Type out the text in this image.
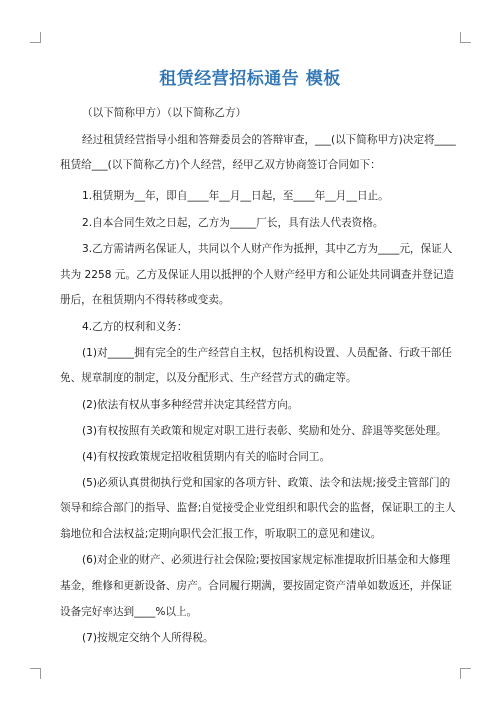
租赁经营招标通告 模板
（以下简称甲方）（以下简称乙方）
经过租赁经营指导小组和答辩委员会的答辩审查，___(以下简称甲方)决定将____
租赁给___(以下简称乙方)个人经营，经甲乙双方协商签订合同如下：
1.租赁期为__年，即自____年__月__日起，至____年__月__日止。
2.自本合同生效之日起，乙方为_____厂长，具有法人代表资格。
3.乙方需请两名保证人，共同以个人财产作为抵押，其中乙方为____元，保证人
共为 2258 元。乙方及保证人用以抵押的个人财产经甲方和公证处共同调查并登记造
册后，在租赁期内不得转移或变卖。
4.乙方的权利和义务：
(1)对_____拥有完全的生产经营自主权，包括机构设置、人员配备、行政干部任
免、规章制度的制定，以及分配形式、生产经营方式的确定等。
(2)依法有权从事多种经营并决定其经营方向。
(3)有权按照有关政策和规定对职工进行表彰、奖励和处分、辞退等奖惩处理。
(4)有权按政策规定招收租赁期内有关的临时合同工。
(5)必须认真贯彻执行党和国家的各项方针、政策、法令和法规;接受主管部门的
领导和综合部门的指导、监督;自觉接受企业党组织和职代会的监督，保证职工的主人
翁地位和合法权益;定期向职代会汇报工作，听取职工的意见和建议。
(6)对企业的财产、必须进行社会保险;要按国家规定标准提取折旧基金和大修理
基金，维修和更新设备、房产。合同履行期满，要按固定资产清单如数返还，并保证
设备完好率达到____%以上。
(7)按规定交纳个人所得税。
